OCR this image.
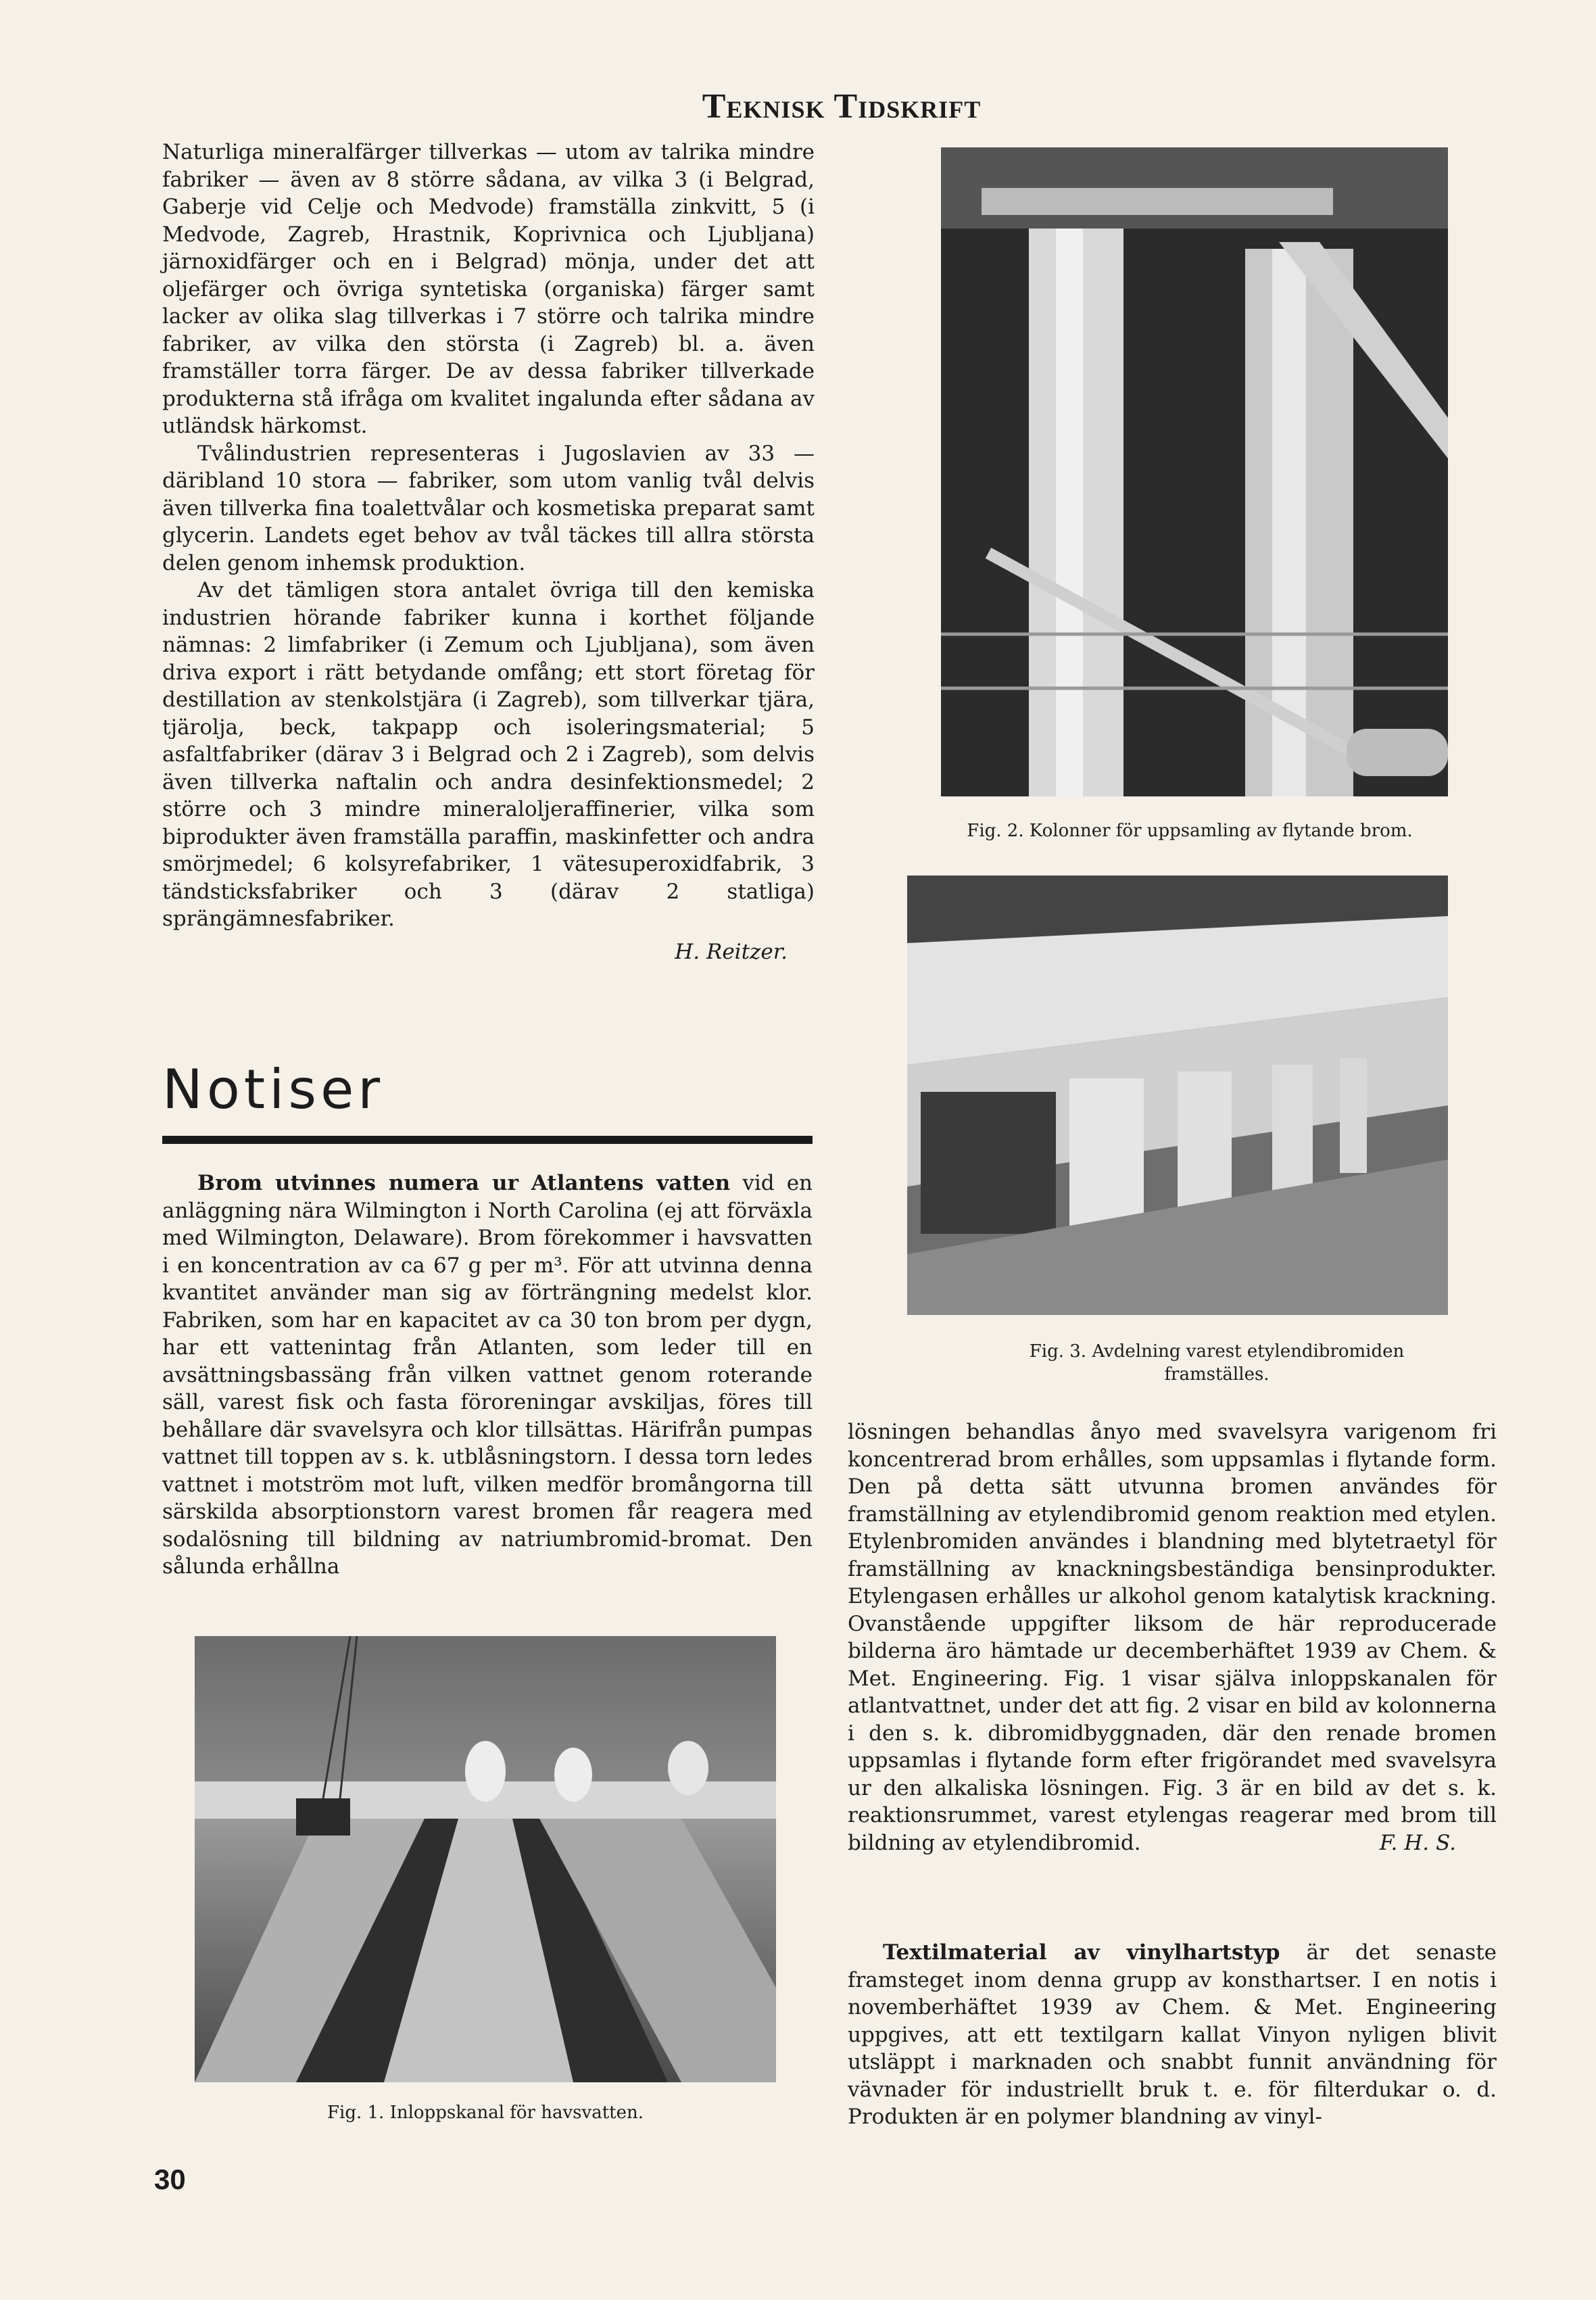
Teknisk Tidskrift

Naturliga mineralfärger tillverkas — utom av talrika mindre fabriker — även av 8 större sådana, av vilka 3 (i Belgrad, Gaberje vid Celje och Medvode) framställa zinkvitt, 5 (i Medvode, Zagreb, Hrastnik, Koprivnica och Ljubljana) järnoxidfärger och en i Belgrad) mönja, under det att oljefärger och övriga syntetiska (organiska) färger samt lacker av olika slag tillverkas i 7 större och talrika mindre fabriker, av vilka den största (i Zagreb) bl. a. även framställer torra färger. De av dessa fabriker tillverkade produkterna stå ifråga om kvalitet ingalunda efter sådana av utländsk härkomst.

Tvålindustrien representeras i Jugoslavien av 33 — däribland 10 stora — fabriker, som utom vanlig tvål delvis även tillverka fina toalettvålar och kosmetiska preparat samt glycerin. Landets eget behov av tvål täckes till allra största delen genom inhemsk produktion.

Av det tämligen stora antalet övriga till den kemiska industrien hörande fabriker kunna i korthet följande nämnas: 2 limfabriker (i Zemum och Ljubljana), som även driva export i rätt betydande omfång; ett stort företag för destillation av stenkolstjära (i Zagreb), som tillverkar tjära, tjärolja, beck, takpapp och isoleringsmaterial; 5 asfaltfabriker (därav 3 i Belgrad och 2 i Zagreb), som delvis även tillverka naftalin och andra desinfektionsmedel; 2 större och 3 mindre mineraloljeraffinerier, vilka som biprodukter även framställa paraffin, maskinfetter och andra smörjmedel; 6 kolsyrefabriker, 1 vätesuperoxidfabrik, 3 tändsticksfabriker och 3 (därav 2 statliga) sprängämnesfabriker.

H. Reitzer.
Notiser

Brom utvinnes numera ur Atlantens vatten vid en anläggning nära Wilmington i North Carolina (ej att förväxla med Wilmington, Delaware). Brom förekommer i havsvatten i en koncentration av ca 67 g per m³. För att utvinna denna kvantitet använder man sig av förträngning medelst klor. Fabriken, som har en kapacitet av ca 30 ton brom per dygn, har ett vattenintag från Atlanten, som leder till en avsättningsbassäng från vilken vattnet genom roterande säll, varest fisk och fasta föroreningar avskiljas, föres till behållare där svavelsyra och klor tillsättas. Härifrån pumpas vattnet till toppen av s. k. utblåsningstorn. I dessa torn ledes vattnet i motström mot luft, vilken medför bromångorna till särskilda absorptionstorn varest bromen får reagera med sodalösning till bildning av natriumbromid-bromat. Den sålunda erhållna

Fig. 1. Inloppskanal för havsvatten.
Fig. 2. Kolonner för uppsamling av flytande brom.
Fig. 3. Avdelning varest etylendibromiden framställes.

lösningen behandlas ånyo med svavelsyra varigenom fri koncentrerad brom erhålles, som uppsamlas i flytande form. Den på detta sätt utvunna bromen användes för framställning av etylendibromid genom reaktion med etylen. Etylenbromiden användes i blandning med blytetraetyl för framställning av knackningsbeständiga bensinprodukter. Etylengasen erhålles ur alkohol genom katalytisk krackning. Ovanstående uppgifter liksom de här reproducerade bilderna äro hämtade ur decemberhäftet 1939 av Chem. & Met. Engineering. Fig. 1 visar själva inloppskanalen för atlantvattnet, under det att fig. 2 visar en bild av kolonnerna i den s. k. dibromidbyggnaden, där den renade bromen uppsamlas i flytande form efter frigörandet med svavelsyra ur den alkaliska lösningen. Fig. 3 är en bild av det s. k. reaktionsrummet, varest etylengas reagerar med brom till bildning av etylendibromid.	F. H. S.

Textilmaterial av vinylhartstyp är det senaste framsteget inom denna grupp av konsthartser. I en notis i novemberhäftet 1939 av Chem. & Met. Engineering uppgives, att ett textilgarn kallat Vinyon nyligen blivit utsläppt i marknaden och snabbt funnit användning för vävnader för industriellt bruk t. e. för filterdukar o. d. Produkten är en polymer blandning av vinyl-

30
